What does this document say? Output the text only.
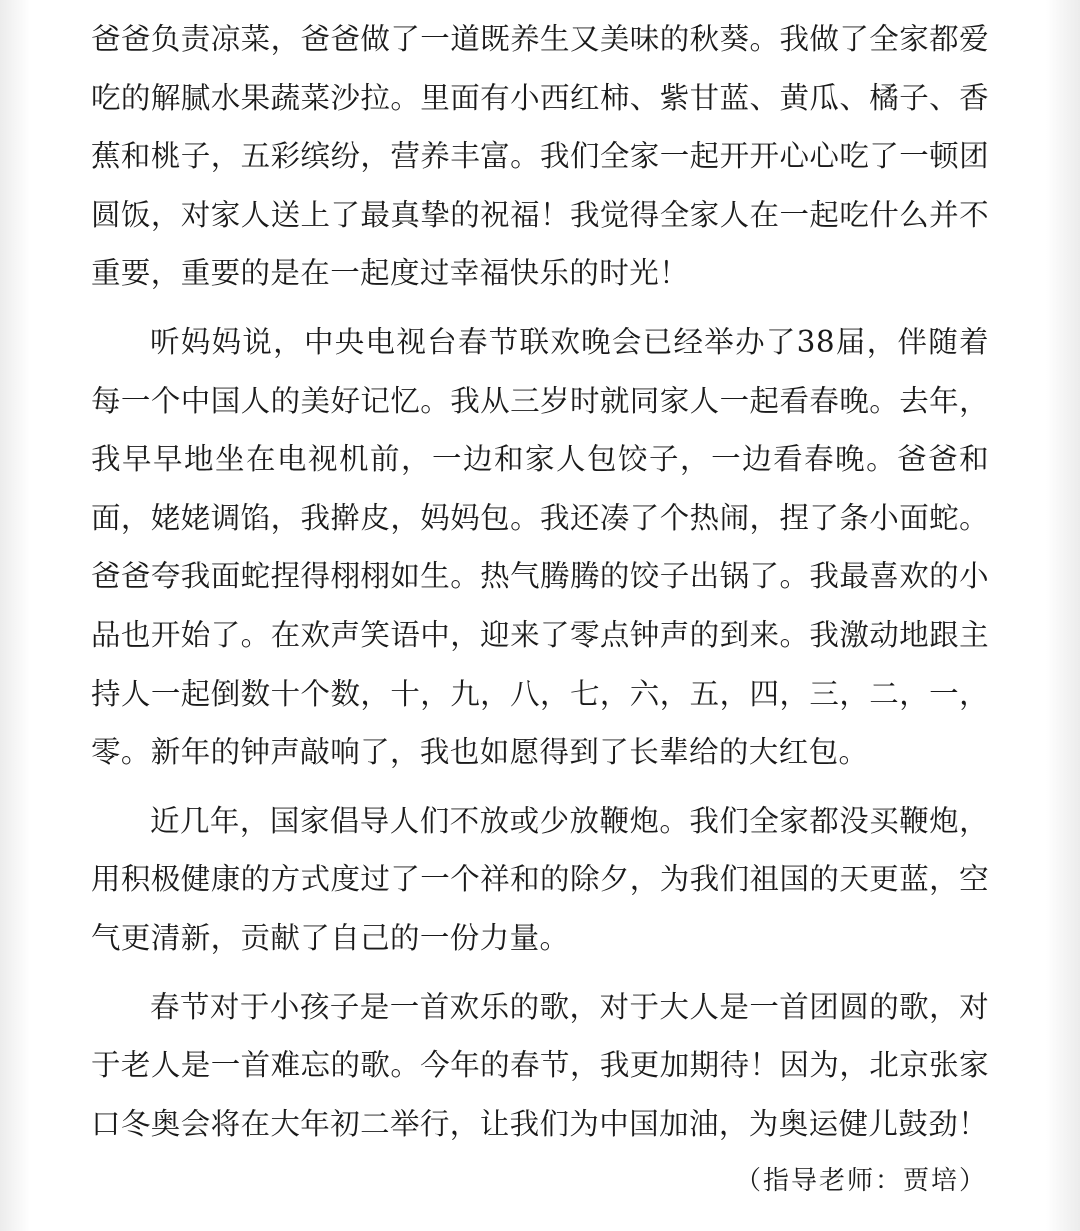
爸爸负责凉菜，爸爸做了一道既养生又美味的秋葵。我做了全家都爱吃的解腻水果蔬菜沙拉。里面有小西红柿、紫甘蓝、黄瓜、橘子、香蕉和桃子，五彩缤纷，营养丰富。我们全家一起开开心心吃了一顿团圆饭，对家人送上了最真挚的祝福！我觉得全家人在一起吃什么并不重要，重要的是在一起度过幸福快乐的时光！

听妈妈说，中央电视台春节联欢晚会已经举办了38届，伴随着每一个中国人的美好记忆。我从三岁时就同家人一起看春晚。去年，我早早地坐在电视机前，一边和家人包饺子，一边看春晚。爸爸和面，姥姥调馅，我擀皮，妈妈包。我还凑了个热闹，捏了条小面蛇。爸爸夸我面蛇捏得栩栩如生。热气腾腾的饺子出锅了。我最喜欢的小品也开始了。在欢声笑语中，迎来了零点钟声的到来。我激动地跟主持人一起倒数十个数，十，九，八，七，六，五，四，三，二，一，零。新年的钟声敲响了，我也如愿得到了长辈给的大红包。

近几年，国家倡导人们不放或少放鞭炮。我们全家都没买鞭炮，用积极健康的方式度过了一个祥和的除夕，为我们祖国的天更蓝，空气更清新，贡献了自己的一份力量。

春节对于小孩子是一首欢乐的歌，对于大人是一首团圆的歌，对于老人是一首难忘的歌。今年的春节，我更加期待！因为，北京张家口冬奥会将在大年初二举行，让我们为中国加油，为奥运健儿鼓劲！

（指导老师：贾培）
